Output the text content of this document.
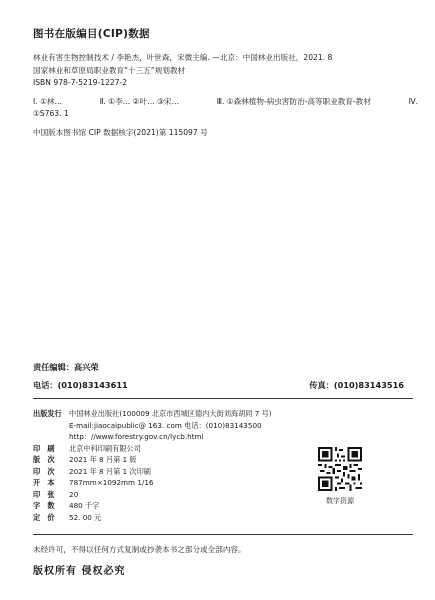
图书在版编目(CIP)数据
林业有害生物控制技术 / 李艳杰，叶世森，宋微主编. —北京：中国林业出版社，2021. 8
国家林业和草原局职业教育“十三五”规划教材
ISBN 978-7-5219-1227-2
Ⅰ. ①林…	Ⅱ. ①李… ②叶… ③宋…	Ⅲ. ①森林植物-病虫害防治-高等职业教育-教材	Ⅳ.
①S763. 1
中国版本图书馆 CIP 数据核字(2021)第 115097 号
责任编辑：高兴荣
电话：(010)83143611	传真：(010)83143516
出版发行	中国林业出版社(100009 北京市西城区德内大街刘海胡同 7 号)
E-mail:jiaocaipublic@ 163. com 电话：(010)83143500
http：//www.forestry.gov.cn/lycb.html
印　刷	北京中科印刷有限公司
版　次	2021 年 8 月第 1 版
印　次	2021 年 8 月第 1 次印刷
开　本	787mm×1092mm 1/16
印　张	20
字　数	480 千字
定　价	52. 00 元
数字资源
未经许可，不得以任何方式复制或抄袭本书之部分或全部内容。
版权所有 侵权必究
